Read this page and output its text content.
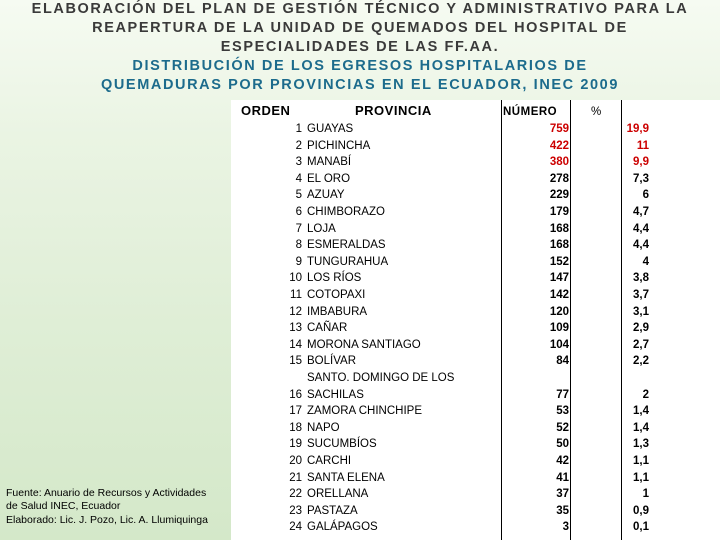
ELABORACIÓN DEL PLAN DE GESTIÓN TÉCNICO Y ADMINISTRATIVO PARA LA
REAPERTURA DE LA UNIDAD DE QUEMADOS DEL HOSPITAL DE
ESPECIALIDADES DE LAS FF.AA.
DISTRIBUCIÓN DE LOS EGRESOS HOSPITALARIOS DE
QUEMADURAS POR PROVINCIAS EN EL ECUADOR, INEC 2009
ORDEN	PROVINCIA	NÚMERO	%
1 GUAYAS	759	19,9
2 PICHINCHA	422	11
3 MANABÍ	380	9,9
4 EL ORO	278	7,3
5 AZUAY	229	6
6 CHIMBORAZO	179	4,7
7 LOJA	168	4,4
8 ESMERALDAS	168	4,4
9 TUNGURAHUA	152	4
10 LOS RÍOS	147	3,8
11 COTOPAXI	142	3,7
12 IMBABURA	120	3,1
13 CAÑAR	109	2,9
14 MORONA SANTIAGO	104	2,7
15 BOLÍVAR	84	2,2
SANTO. DOMINGO DE LOS
16 SACHILAS	77	2
17 ZAMORA CHINCHIPE	53	1,4
18 NAPO	52	1,4
19 SUCUMBÍOS	50	1,3
20 CARCHI	42	1,1
21 SANTA ELENA	41	1,1
22 ORELLANA	37	1
23 PASTAZA	35	0,9
24 GALÁPAGOS	3	0,1
Fuente: Anuario de Recursos y Actividades
de Salud INEC, Ecuador
Elaborado: Lic. J. Pozo, Lic. A. Llumiquinga
